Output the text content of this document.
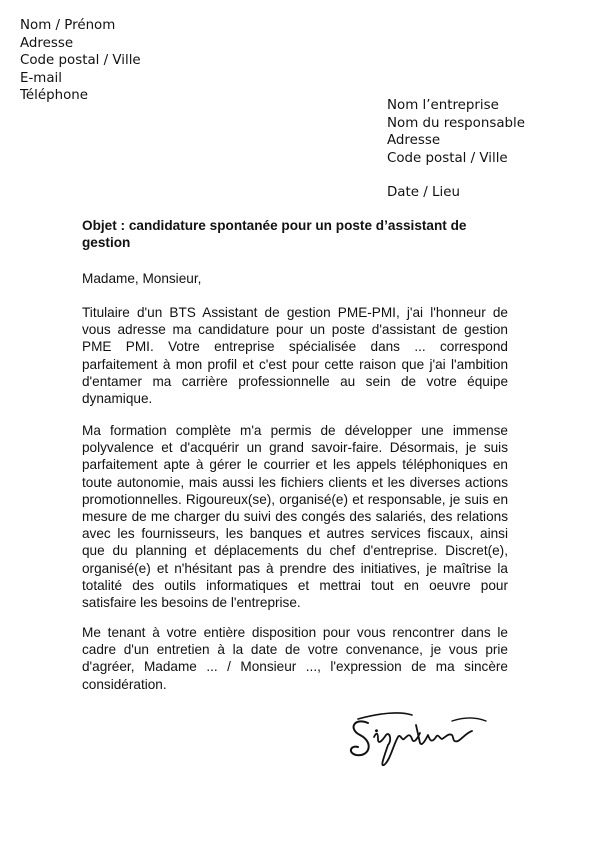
Nom / Prénom
Adresse
Code postal / Ville
E-mail
Téléphone
Nom l’entreprise
Nom du responsable
Adresse
Code postal / Ville
Date / Lieu

Objet : candidature spontanée pour un poste d’assistant de gestion

Madame, Monsieur,

Titulaire d'un BTS Assistant de gestion PME-PMI, j'ai l'honneur de vous adresse ma candidature pour un poste d'assistant de gestion PME PMI. Votre entreprise spécialisée dans ... correspond parfaitement à mon profil et c'est pour cette raison que j'ai l'ambition d'entamer ma carrière professionnelle au sein de votre équipe dynamique.

Ma formation complète m'a permis de développer une immense polyvalence et d'acquérir un grand savoir-faire. Désormais, je suis parfaitement apte à gérer le courrier et les appels téléphoniques en toute autonomie, mais aussi les fichiers clients et les diverses actions promotionnelles. Rigoureux(se), organisé(e) et responsable, je suis en mesure de me charger du suivi des congés des salariés, des relations avec les fournisseurs, les banques et autres services fiscaux, ainsi que du planning et déplacements du chef d'entreprise. Discret(e), organisé(e) et n'hésitant pas à prendre des initiatives, je maîtrise la totalité des outils informatiques et mettrai tout en oeuvre pour satisfaire les besoins de l'entreprise.

Me tenant à votre entière disposition pour vous rencontrer dans le cadre d'un entretien à la date de votre convenance, je vous prie d'agréer, Madame ... / Monsieur ..., l'expression de ma sincère considération.
